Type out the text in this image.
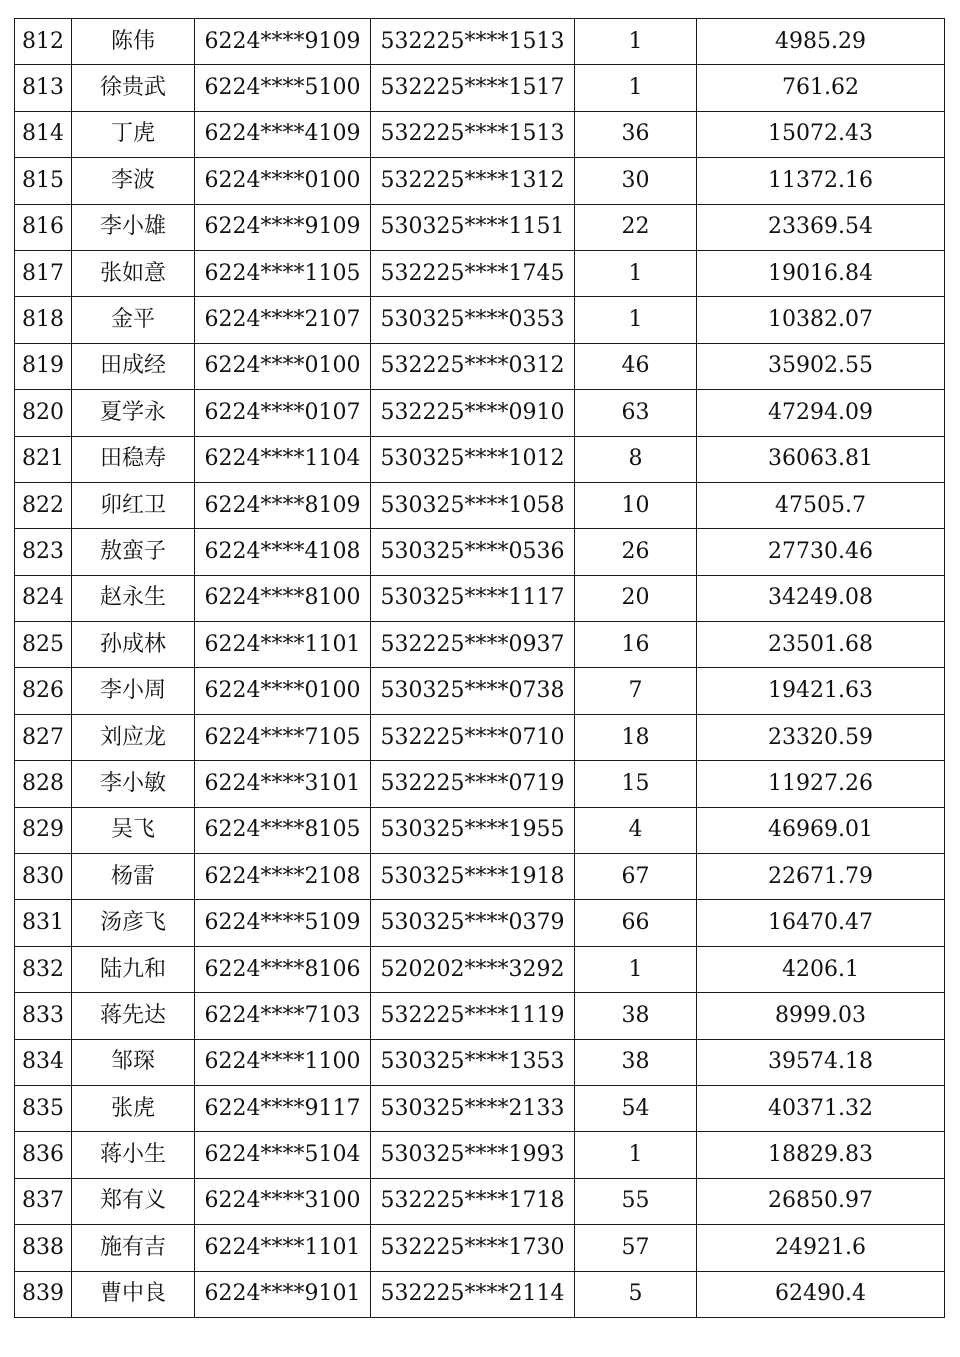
812	陈伟	6224****9109	532225****1513	1	4985.29
813	徐贵武	6224****5100	532225****1517	1	761.62
814	丁虎	6224****4109	532225****1513	36	15072.43
815	李波	6224****0100	532225****1312	30	11372.16
816	李小雄	6224****9109	530325****1151	22	23369.54
817	张如意	6224****1105	532225****1745	1	19016.84
818	金平	6224****2107	530325****0353	1	10382.07
819	田成经	6224****0100	532225****0312	46	35902.55
820	夏学永	6224****0107	532225****0910	63	47294.09
821	田稳寿	6224****1104	530325****1012	8	36063.81
822	卯红卫	6224****8109	530325****1058	10	47505.7
823	敖蛮子	6224****4108	530325****0536	26	27730.46
824	赵永生	6224****8100	530325****1117	20	34249.08
825	孙成林	6224****1101	532225****0937	16	23501.68
826	李小周	6224****0100	530325****0738	7	19421.63
827	刘应龙	6224****7105	532225****0710	18	23320.59
828	李小敏	6224****3101	532225****0719	15	11927.26
829	吴飞	6224****8105	530325****1955	4	46969.01
830	杨雷	6224****2108	530325****1918	67	22671.79
831	汤彦飞	6224****5109	530325****0379	66	16470.47
832	陆九和	6224****8106	520202****3292	1	4206.1
833	蒋先达	6224****7103	532225****1119	38	8999.03
834	邹琛	6224****1100	530325****1353	38	39574.18
835	张虎	6224****9117	530325****2133	54	40371.32
836	蒋小生	6224****5104	530325****1993	1	18829.83
837	郑有义	6224****3100	532225****1718	55	26850.97
838	施有吉	6224****1101	532225****1730	57	24921.6
839	曹中良	6224****9101	532225****2114	5	62490.4
